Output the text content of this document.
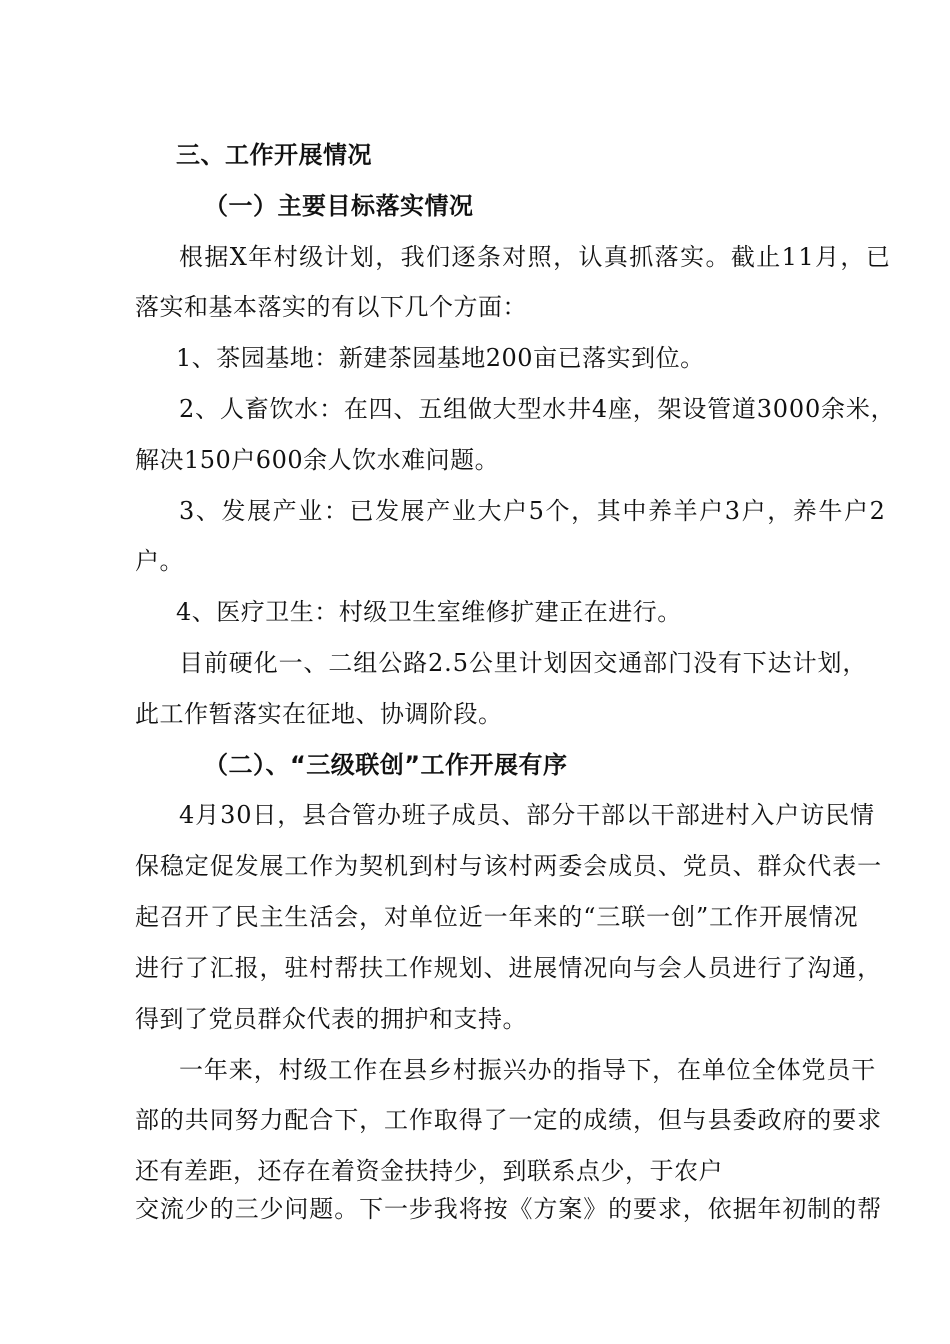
三、工作开展情况
（一）主要目标落实情况
根据X年村级计划，我们逐条对照，认真抓落实。截止11月，已
落实和基本落实的有以下几个方面：
1、茶园基地：新建茶园基地200亩已落实到位。
2、人畜饮水：在四、五组做大型水井4座，架设管道3000余米，
解决150户600余人饮水难问题。
3、发展产业：已发展产业大户5个，其中养羊户3户，养牛户2
户。
4、医疗卫生：村级卫生室维修扩建正在进行。
目前硬化一、二组公路2.5公里计划因交通部门没有下达计划，
此工作暂落实在征地、协调阶段。
（二）、“三级联创”工作开展有序
4月30日，县合管办班子成员、部分干部以干部进村入户访民情
保稳定促发展工作为契机到村与该村两委会成员、党员、群众代表一
起召开了民主生活会，对单位近一年来的“三联一创”工作开展情况
进行了汇报，驻村帮扶工作规划、进展情况向与会人员进行了沟通，
得到了党员群众代表的拥护和支持。
一年来，村级工作在县乡村振兴办的指导下，在单位全体党员干
部的共同努力配合下，工作取得了一定的成绩，但与县委政府的要求
还有差距，还存在着资金扶持少，到联系点少，于农户
交流少的三少问题。下一步我将按《方案》的要求，依据年初制的帮
